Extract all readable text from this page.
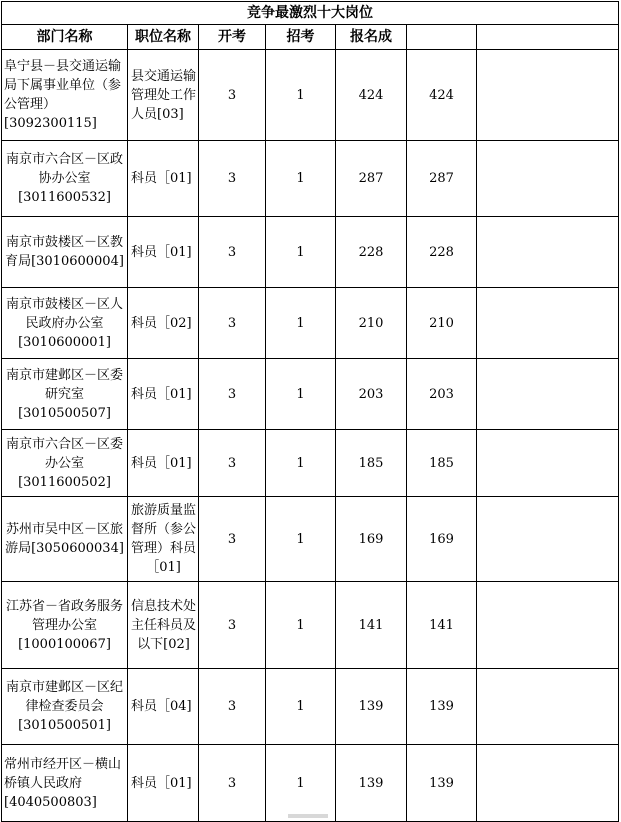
竞争最激烈十大岗位						
部门名称	职位名称	开考	招考	报名成		
阜宁县－县交通运输局下属事业单位（参公管理）[3092300115]	县交通运输管理处工作人员[03]	3	1	424	424	
南京市六合区－区政协办公室[3011600532]	科员［01]	3	1	287	287	
南京市鼓楼区－区教育局[3010600004]	科员［01]	3	1	228	228	
南京市鼓楼区－区人民政府办公室[3010600001]	科员［02]	3	1	210	210	
南京市建邺区－区委研究室[3010500507]	科员［01]	3	1	203	203	
南京市六合区－区委办公室[3011600502]	科员［01]	3	1	185	185	
苏州市吴中区－区旅游局[3050600034]	旅游质量监督所（参公管理）科员［01]	3	1	169	169	
江苏省－省政务服务管理办公室[1000100067]	信息技术处主任科员及以下[02]	3	1	141	141	
南京市建邺区－区纪律检查委员会[3010500501]	科员［04]	3	1	139	139	
常州市经开区－横山桥镇人民政府[4040500803]	科员［01]	3	1	139	139	
